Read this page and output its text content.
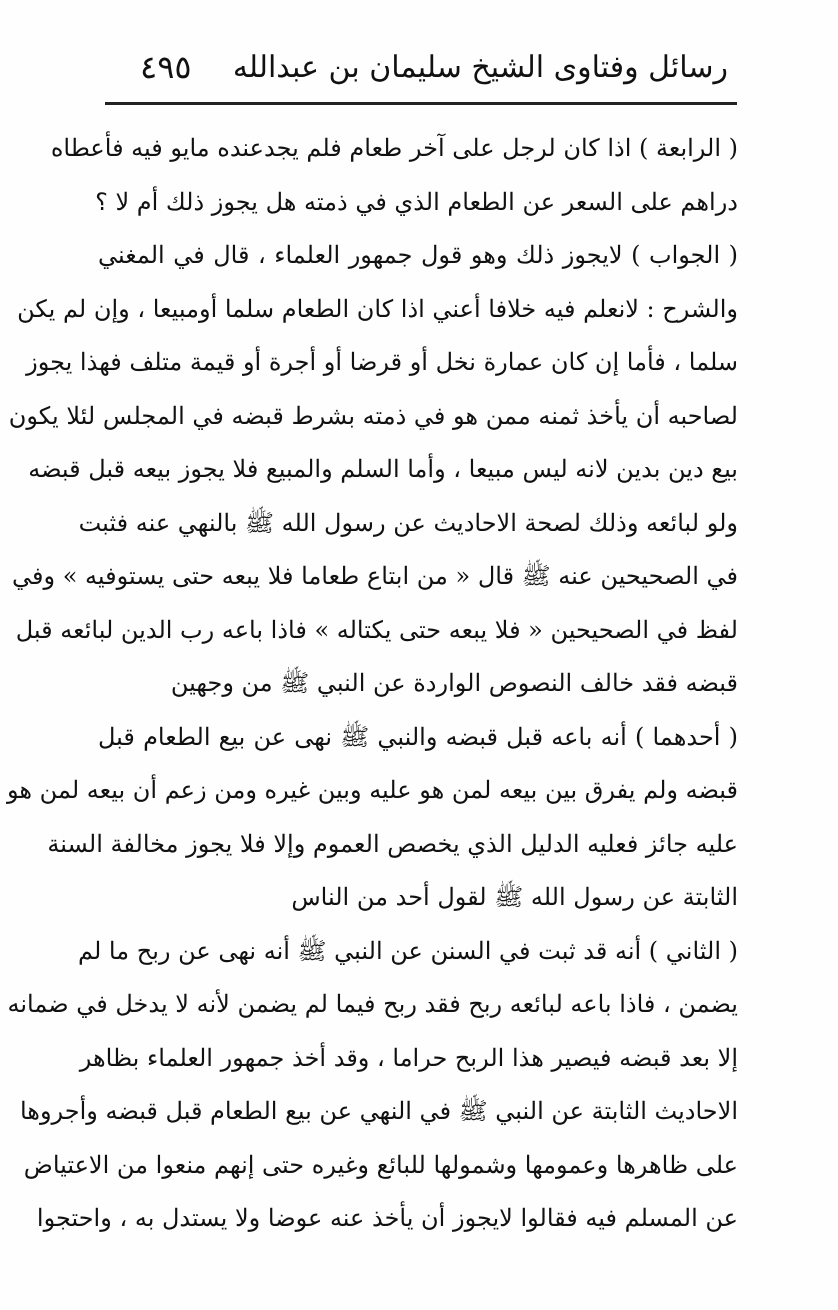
رسائل وفتاوى الشيخ سليمان بن عبدالله
٤٩٥
( الرابعة ) اذا كان لرجل على آخر طعام فلم يجدعنده مايو فيه فأعطاه
دراهم على السعر عن الطعام الذي في ذمته هل يجوز ذلك أم لا ؟
( الجواب ) لايجوز ذلك وهو قول جمهور العلماء ، قال في المغني
والشرح : لانعلم فيه خلافا أعني اذا كان الطعام سلما أومبيعا ، وإن لم يكن
سلما ، فأما إن كان عمارة نخل أو قرضا أو أجرة أو قيمة متلف فهذا يجوز
لصاحبه أن يأخذ ثمنه ممن هو في ذمته بشرط قبضه في المجلس لئلا يكون
بيع دين بدين لانه ليس مبيعا ، وأما السلم والمبيع فلا يجوز بيعه قبل قبضه
ولو لبائعه وذلك لصحة الاحاديث عن رسول الله ﷺ بالنهي عنه فثبت
في الصحيحين عنه ﷺ قال « من ابتاع طعاما فلا يبعه حتى يستوفيه » وفي
لفظ في الصحيحين « فلا يبعه حتى يكتاله » فاذا باعه رب الدين لبائعه قبل
قبضه فقد خالف النصوص الواردة عن النبي ﷺ من وجهين
( أحدهما ) أنه باعه قبل قبضه والنبي ﷺ نهى عن بيع الطعام قبل
قبضه ولم يفرق بين بيعه لمن هو عليه وبين غيره ومن زعم أن بيعه لمن هو
عليه جائز فعليه الدليل الذي يخصص العموم وإلا فلا يجوز مخالفة السنة
الثابتة عن رسول الله ﷺ لقول أحد من الناس
( الثاني ) أنه قد ثبت في السنن عن النبي ﷺ أنه نهى عن ربح ما لم
يضمن ، فاذا باعه لبائعه ربح فقد ربح فيما لم يضمن لأنه لا يدخل في ضمانه
إلا بعد قبضه فيصير هذا الربح حراما ، وقد أخذ جمهور العلماء بظاهر
الاحاديث الثابتة عن النبي ﷺ في النهي عن بيع الطعام قبل قبضه وأجروها
على ظاهرها وعمومها وشمولها للبائع وغيره حتى إنهم منعوا من الاعتياض
عن المسلم فيه فقالوا لايجوز أن يأخذ عنه عوضا ولا يستدل به ، واحتجوا
